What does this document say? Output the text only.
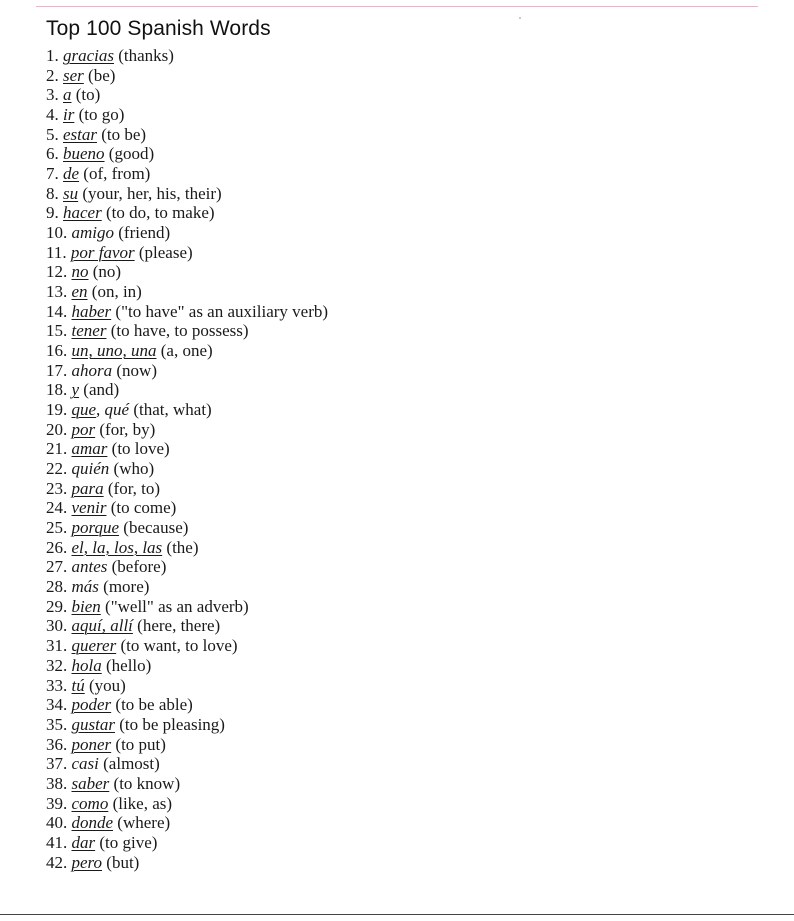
Top 100 Spanish Words
1. gracias (thanks)
2. ser (be)
3. a (to)
4. ir (to go)
5. estar (to be)
6. bueno (good)
7. de (of, from)
8. su (your, her, his, their)
9. hacer (to do, to make)
10. amigo (friend)
11. por favor (please)
12. no (no)
13. en (on, in)
14. haber ("to have" as an auxiliary verb)
15. tener (to have, to possess)
16. un, uno, una (a, one)
17. ahora (now)
18. y (and)
19. que, qué (that, what)
20. por (for, by)
21. amar (to love)
22. quién (who)
23. para (for, to)
24. venir (to come)
25. porque (because)
26. el, la, los, las (the)
27. antes (before)
28. más (more)
29. bien ("well" as an adverb)
30. aquí, allí (here, there)
31. querer (to want, to love)
32. hola (hello)
33. tú (you)
34. poder (to be able)
35. gustar (to be pleasing)
36. poner (to put)
37. casi (almost)
38. saber (to know)
39. como (like, as)
40. donde (where)
41. dar (to give)
42. pero (but)
